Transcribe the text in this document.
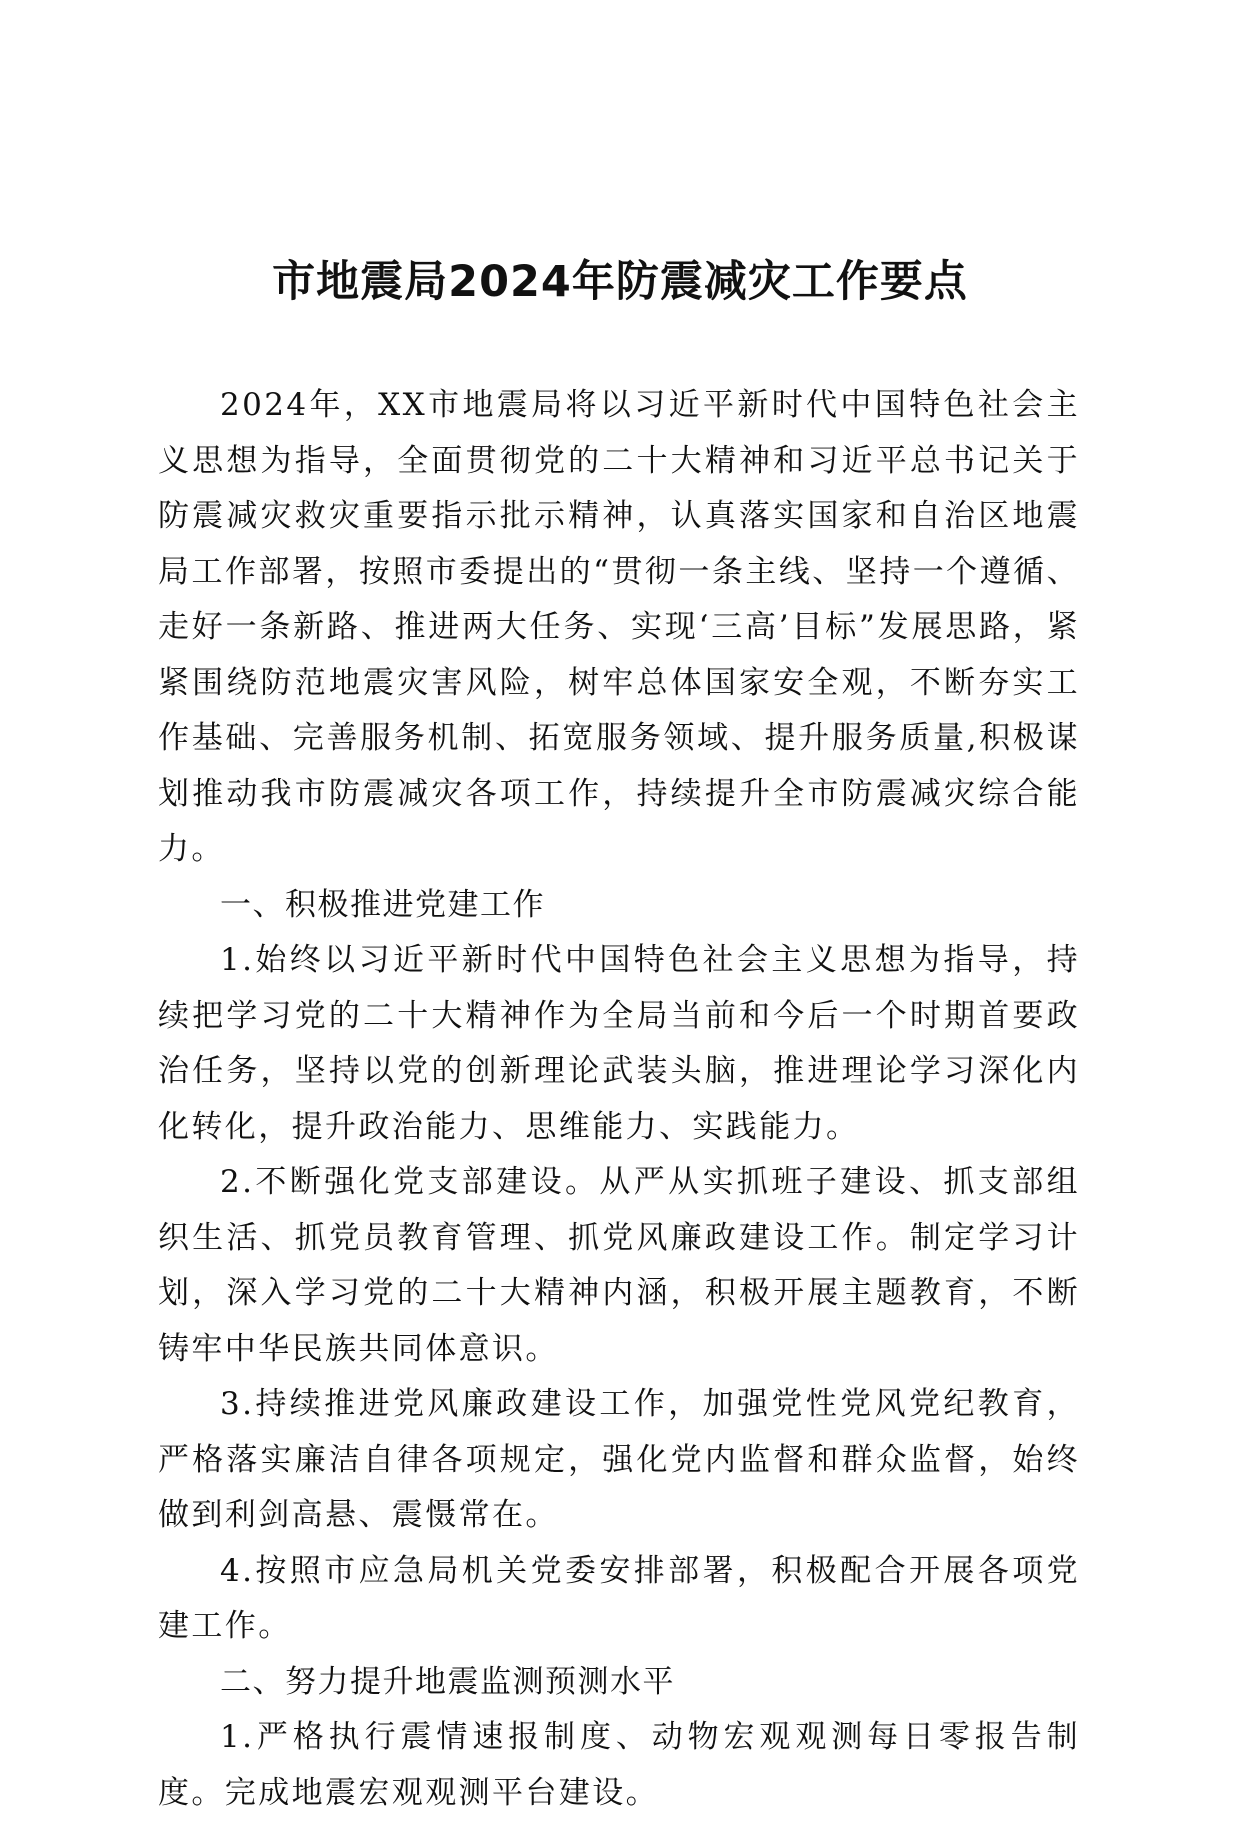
市地震局2024年防震减灾工作要点

2024年，XX市地震局将以习近平新时代中国特色社会主义思想为指导，全面贯彻党的二十大精神和习近平总书记关于防震减灾救灾重要指示批示精神，认真落实国家和自治区地震局工作部署，按照市委提出的“贯彻一条主线、坚持一个遵循、走好一条新路、推进两大任务、实现‘三高’目标”发展思路，紧紧围绕防范地震灾害风险，树牢总体国家安全观，不断夯实工作基础、完善服务机制、拓宽服务领域、提升服务质量,积极谋划推动我市防震减灾各项工作，持续提升全市防震减灾综合能力。

一、积极推进党建工作

1.始终以习近平新时代中国特色社会主义思想为指导，持续把学习党的二十大精神作为全局当前和今后一个时期首要政治任务，坚持以党的创新理论武装头脑，推进理论学习深化内化转化，提升政治能力、思维能力、实践能力。

2.不断强化党支部建设。从严从实抓班子建设、抓支部组织生活、抓党员教育管理、抓党风廉政建设工作。制定学习计划，深入学习党的二十大精神内涵，积极开展主题教育，不断铸牢中华民族共同体意识。

3.持续推进党风廉政建设工作，加强党性党风党纪教育，严格落实廉洁自律各项规定，强化党内监督和群众监督，始终做到利剑高悬、震慑常在。

4.按照市应急局机关党委安排部署，积极配合开展各项党建工作。

二、努力提升地震监测预测水平

1.严格执行震情速报制度、动物宏观观测每日零报告制度。完成地震宏观观测平台建设。
